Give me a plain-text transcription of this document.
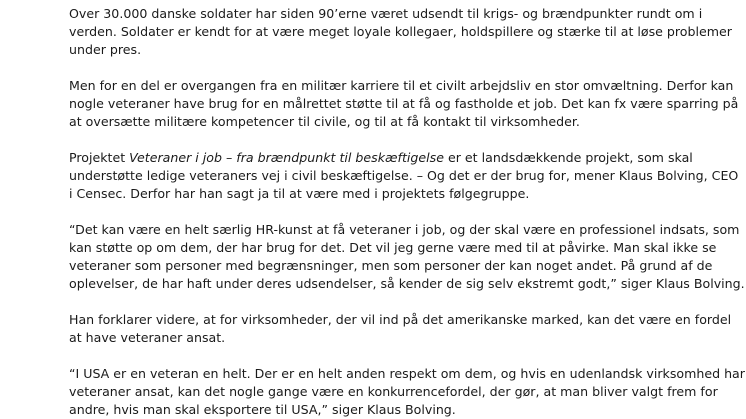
Over 30.000 danske soldater har siden 90’erne været udsendt til krigs- og brændpunkter rundt om i
verden. Soldater er kendt for at være meget loyale kollegaer, holdspillere og stærke til at løse problemer
under pres.

Men for en del er overgangen fra en militær karriere til et civilt arbejdsliv en stor omvæltning. Derfor kan
nogle veteraner have brug for en målrettet støtte til at få og fastholde et job. Det kan fx være sparring på
at oversætte militære kompetencer til civile, og til at få kontakt til virksomheder.

Projektet Veteraner i job – fra brændpunkt til beskæftigelse er et landsdækkende projekt, som skal
understøtte ledige veteraners vej i civil beskæftigelse. – Og det er der brug for, mener Klaus Bolving, CEO
i Censec. Derfor har han sagt ja til at være med i projektets følgegruppe.

“Det kan være en helt særlig HR-kunst at få veteraner i job, og der skal være en professionel indsats, som
kan støtte op om dem, der har brug for det. Det vil jeg gerne være med til at påvirke. Man skal ikke se
veteraner som personer med begrænsninger, men som personer der kan noget andet. På grund af de
oplevelser, de har haft under deres udsendelser, så kender de sig selv ekstremt godt,” siger Klaus Bolving.

Han forklarer videre, at for virksomheder, der vil ind på det amerikanske marked, kan det være en fordel
at have veteraner ansat.

“I USA er en veteran en helt. Der er en helt anden respekt om dem, og hvis en udenlandsk virksomhed har
veteraner ansat, kan det nogle gange være en konkurrencefordel, der gør, at man bliver valgt frem for
andre, hvis man skal eksportere til USA,” siger Klaus Bolving.
